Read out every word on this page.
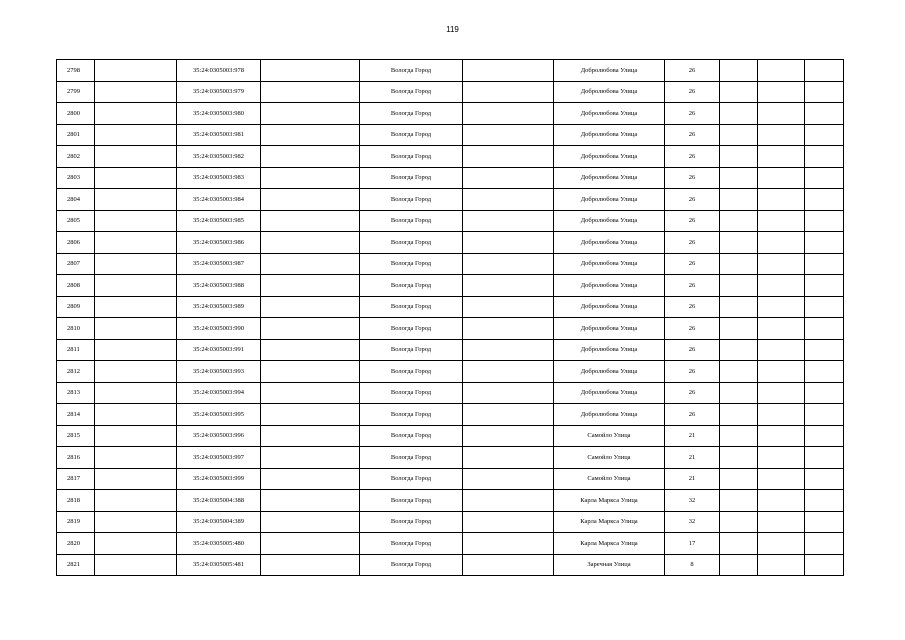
119
2798		35:24:0305003:978		Вологда Город		Добролюбова Улица	26			
2799		35:24:0305003:979		Вологда Город		Добролюбова Улица	26			
2800		35:24:0305003:980		Вологда Город		Добролюбова Улица	26			
2801		35:24:0305003:981		Вологда Город		Добролюбова Улица	26			
2802		35:24:0305003:982		Вологда Город		Добролюбова Улица	26			
2803		35:24:0305003:983		Вологда Город		Добролюбова Улица	26			
2804		35:24:0305003:984		Вологда Город		Добролюбова Улица	26			
2805		35:24:0305003:985		Вологда Город		Добролюбова Улица	26			
2806		35:24:0305003:986		Вологда Город		Добролюбова Улица	26			
2807		35:24:0305003:987		Вологда Город		Добролюбова Улица	26			
2808		35:24:0305003:988		Вологда Город		Добролюбова Улица	26			
2809		35:24:0305003:989		Вологда Город		Добролюбова Улица	26			
2810		35:24:0305003:990		Вологда Город		Добролюбова Улица	26			
2811		35:24:0305003:991		Вологда Город		Добролюбова Улица	26			
2812		35:24:0305003:993		Вологда Город		Добролюбова Улица	26			
2813		35:24:0305003:994		Вологда Город		Добролюбова Улица	26			
2814		35:24:0305003:995		Вологда Город		Добролюбова Улица	26			
2815		35:24:0305003:996		Вологда Город		Самойло Улица	21			
2816		35:24:0305003:997		Вологда Город		Самойло Улица	21			
2817		35:24:0305003:999		Вологда Город		Самойло Улица	21			
2818		35:24:0305004:388		Вологда Город		Карла Маркса Улица	32			
2819		35:24:0305004:389		Вологда Город		Карла Маркса Улица	32			
2820		35:24:0305005:480		Вологда Город		Карла Маркса Улица	17			
2821		35:24:0305005:481		Вологда Город		Заречная Улица	8			
